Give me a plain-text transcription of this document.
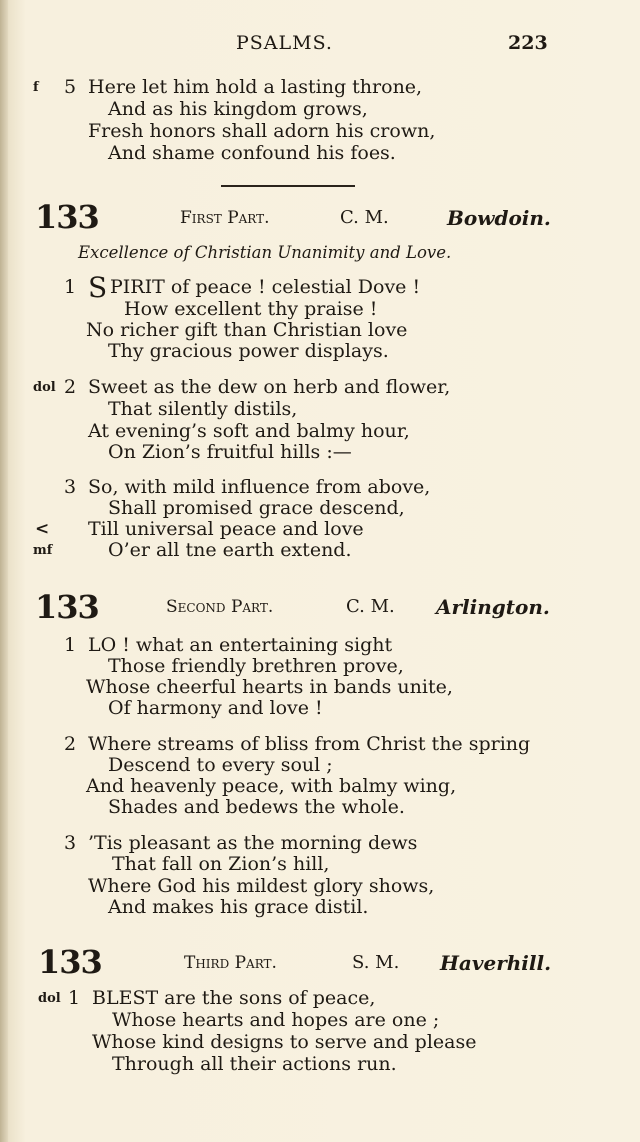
PSALMS.	223
f 5 Here let him hold a lasting throne,
And as his kingdom grows,
Fresh honors shall adorn his crown,
And shame confound his foes.
133	First Part.	C. M.	Bowdoin.
Excellence of Christian Unanimity and Love.
1 S PIRIT of peace ! celestial Dove !
How excellent thy praise !
No richer gift than Christian love
Thy gracious power displays.
dol 2 Sweet as the dew on herb and flower,
That silently distils,
At evening’s soft and balmy hour,
On Zion’s fruitful hills :—
3 So, with mild influence from above,
Shall promised grace descend,
< Till universal peace and love
mf	O’er all tne earth extend.
133	Second Part.	C. M. Arlington.
1 LO ! what an entertaining sight
Those friendly brethren prove,
Whose cheerful hearts in bands unite,
Of harmony and love !
2 Where streams of bliss from Christ the spring
Descend to every soul ;
And heavenly peace, with balmy wing,
Shades and bedews the whole.
3 ’Tis pleasant as the morning dews
That fall on Zion’s hill,
Where God his mildest glory shows,
And makes his grace distil.
133	Third Part.	S. M. Haverhill.
dol 1 BLEST are the sons of peace,
Whose hearts and hopes are one ;
Whose kind designs to serve and please
Through all their actions run.
